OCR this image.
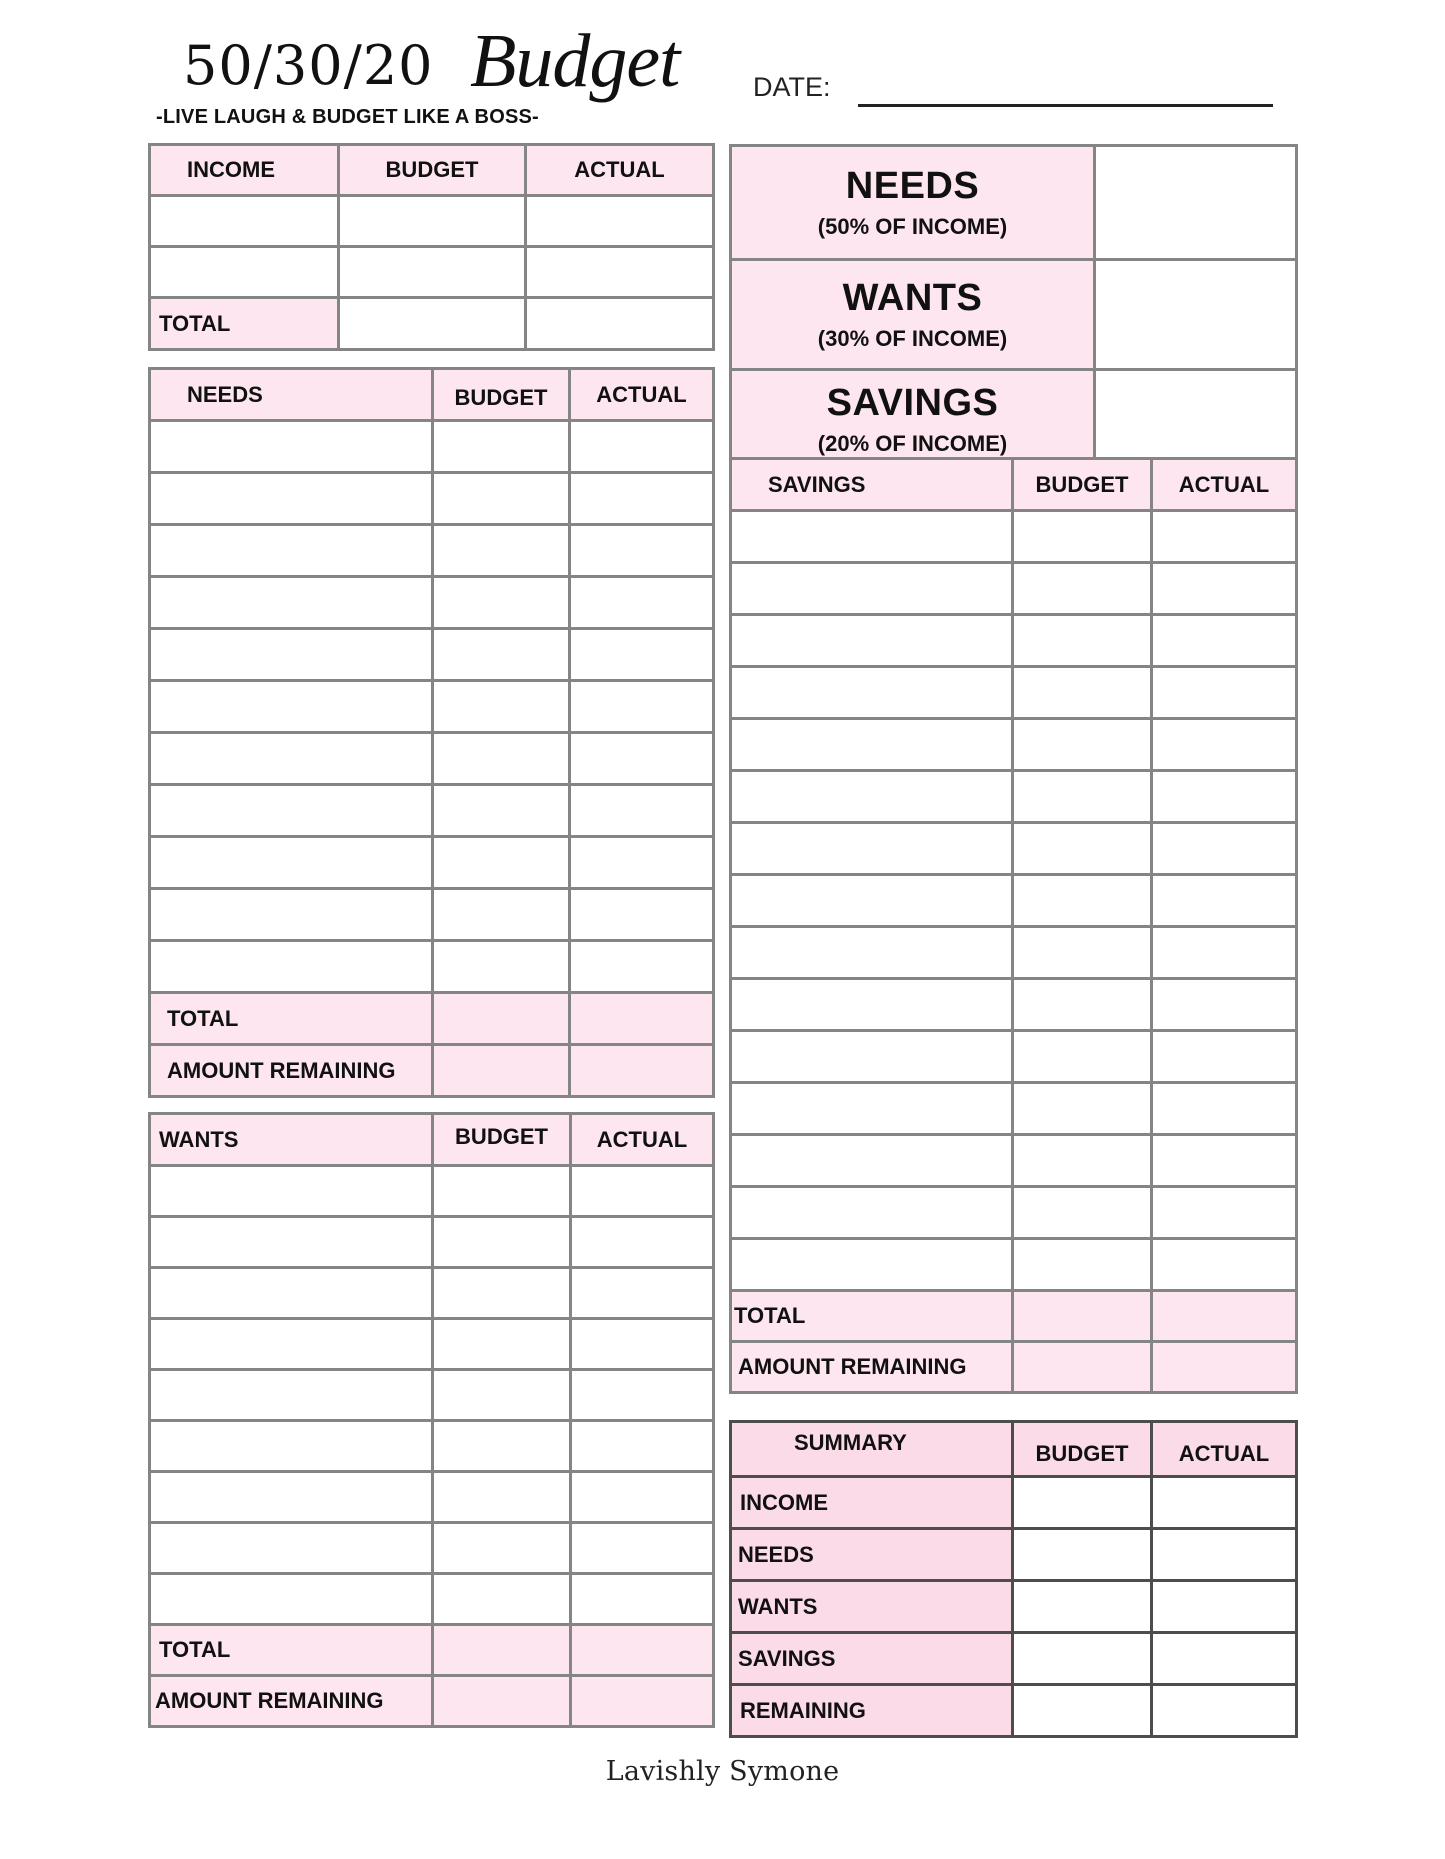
50/30/20 Budget
-LIVE LAUGH & BUDGET LIKE A BOSS-
DATE:
INCOME	BUDGET	ACTUAL

TOTAL		
NEEDS
(50% OF INCOME)	

WANTS
(30% OF INCOME)	

SAVINGS
(20% OF INCOME)	

NEEDS	BUDGET	ACTUAL

TOTAL		
AMOUNT REMAINING		
WANTS	BUDGET	ACTUAL

TOTAL		
AMOUNT REMAINING		
SAVINGS	BUDGET	ACTUAL

TOTAL		
AMOUNT REMAINING		
SUMMARY	BUDGET	ACTUAL
INCOME		
NEEDS		
WANTS		
SAVINGS		
REMAINING		
Lavishly Symone
